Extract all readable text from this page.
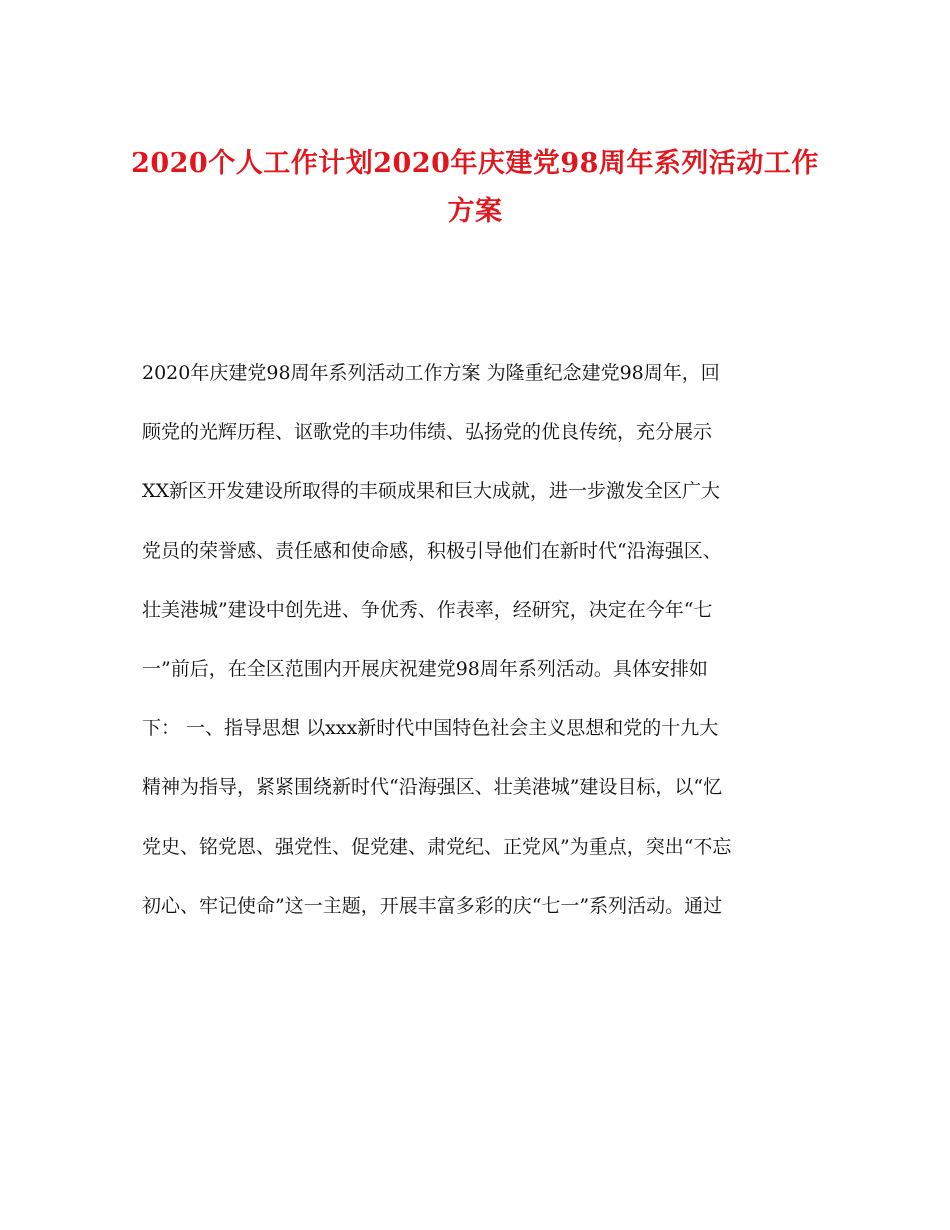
2020个人工作计划2020年庆建党98周年系列活动工作
方案
2020年庆建党98周年系列活动工作方案 为隆重纪念建党98周年，回
顾党的光辉历程、讴歌党的丰功伟绩、弘扬党的优良传统，充分展示
XX新区开发建设所取得的丰硕成果和巨大成就，进一步激发全区广大
党员的荣誉感、责任感和使命感，积极引导他们在新时代“沿海强区、
壮美港城”建设中创先进、争优秀、作表率，经研究，决定在今年“七
一”前后，在全区范围内开展庆祝建党98周年系列活动。具体安排如
下： 一、指导思想 以xxx新时代中国特色社会主义思想和党的十九大
精神为指导，紧紧围绕新时代“沿海强区、壮美港城”建设目标，以“忆
党史、铭党恩、强党性、促党建、肃党纪、正党风”为重点，突出“不忘
初心、牢记使命”这一主题，开展丰富多彩的庆“七一”系列活动。通过
